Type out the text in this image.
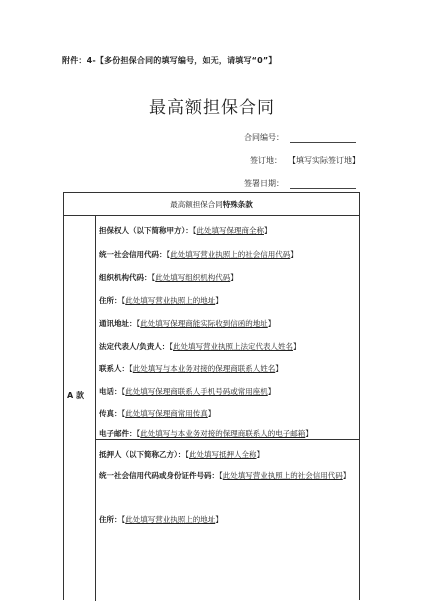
附件：4-【多份担保合同的填写编号，如无，请填写“0”】
最高额担保合同
合同编号：
签订地： 【填写实际签订地】
签署日期：
最高额担保合同 特殊条款
A 款
担保权人（以下简称甲方）：【此处填写保理商全称】
统一社会信用代码：【此处填写营业执照上的社会信用代码】
组织机构代码：【此处填写组织机构代码】
住所：【此处填写营业执照上的地址】
通讯地址：【此处填写保理商能实际收到信函的地址】
法定代表人/负责人：【此处填写营业执照上法定代表人姓名】
联系人：【此处填写与本业务对接的保理商联系人姓名】
电话：【此处填写保理商联系人手机号码或常用座机】
传真：【此处填写保理商常用传真】
电子邮件：【此处填写与本业务对接的保理商联系人的电子邮箱】
抵押人（以下简称乙方）：【此处填写抵押人全称】
统一社会信用代码或身份证件号码：【此处填写营业执照上的社会信用代码】
住所：【此处填写营业执照上的地址】
